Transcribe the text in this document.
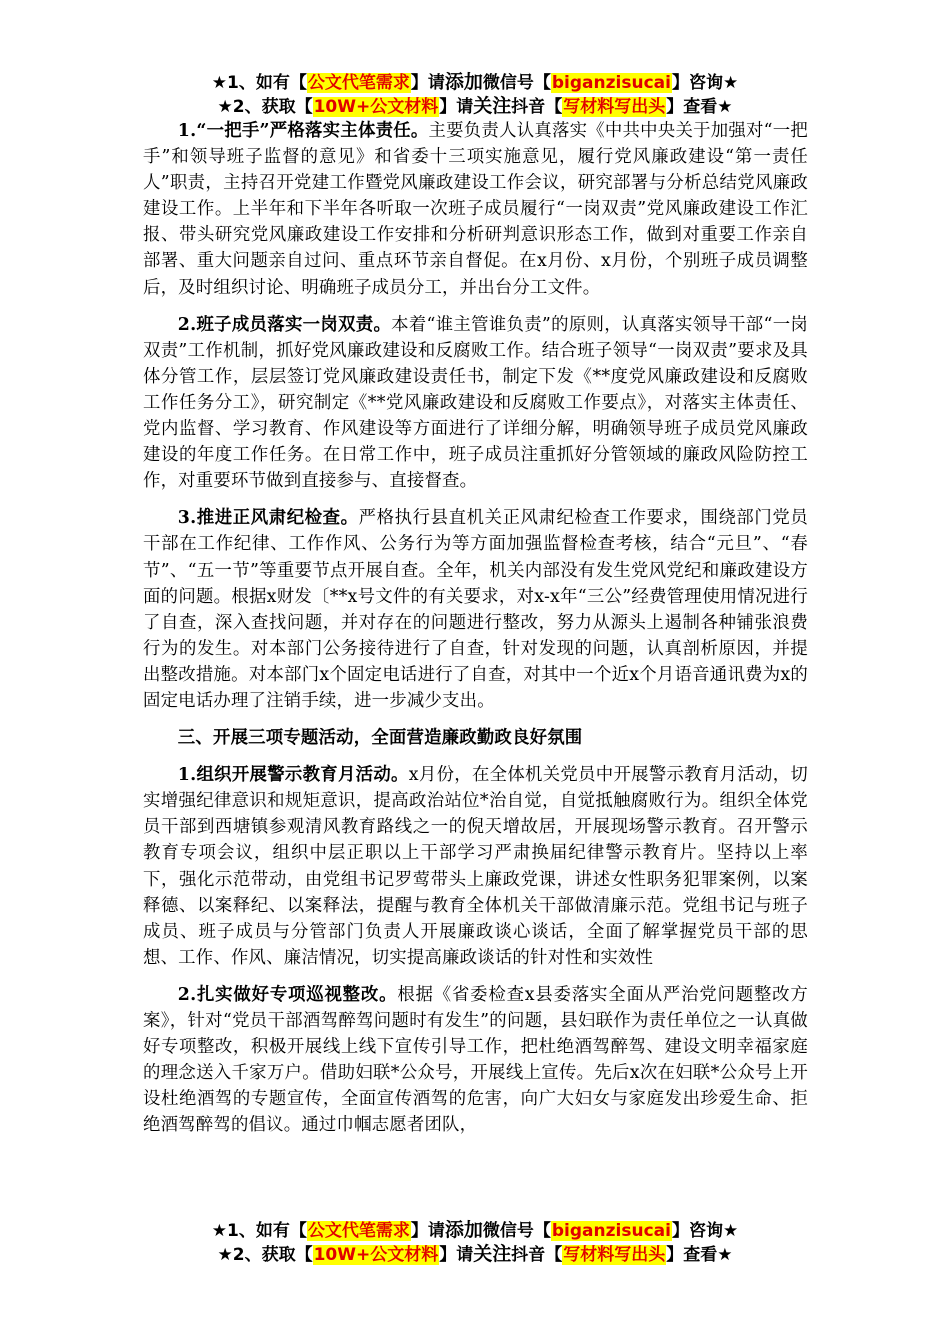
★1、如有【公文代笔需求】请添加微信号【biganzisucai】咨询★
★2、获取【10W+公文材料】请关注抖音【写材料写出头】查看★

1.“一把手”严格落实主体责任。主要负责人认真落实《中共中央关于加强对“一把手”和领导班子监督的意见》和省委十三项实施意见，履行党风廉政建设“第一责任人”职责，主持召开党建工作暨党风廉政建设工作会议，研究部署与分析总结党风廉政建设工作。上半年和下半年各听取一次班子成员履行“一岗双责”党风廉政建设工作汇报、带头研究党风廉政建设工作安排和分析研判意识形态工作，做到对重要工作亲自部署、重大问题亲自过问、重点环节亲自督促。在x月份、x月份，个别班子成员调整后，及时组织讨论、明确班子成员分工，并出台分工文件。

2.班子成员落实一岗双责。本着“谁主管谁负责”的原则，认真落实领导干部“一岗双责”工作机制，抓好党风廉政建设和反腐败工作。结合班子领导“一岗双责”要求及具体分管工作，层层签订党风廉政建设责任书，制定下发《**度党风廉政建设和反腐败工作任务分工》，研究制定《**党风廉政建设和反腐败工作要点》，对落实主体责任、党内监督、学习教育、作风建设等方面进行了详细分解，明确领导班子成员党风廉政建设的年度工作任务。在日常工作中，班子成员注重抓好分管领域的廉政风险防控工作，对重要环节做到直接参与、直接督查。

3.推进正风肃纪检查。严格执行县直机关正风肃纪检查工作要求，围绕部门党员干部在工作纪律、工作作风、公务行为等方面加强监督检查考核，结合“元旦”、“春节”、“五一节”等重要节点开展自查。全年，机关内部没有发生党风党纪和廉政建设方面的问题。根据x财发〔**x号文件的有关要求，对x-x年“三公”经费管理使用情况进行了自查，深入查找问题，并对存在的问题进行整改，努力从源头上遏制各种铺张浪费行为的发生。对本部门公务接待进行了自查，针对发现的问题，认真剖析原因，并提出整改措施。对本部门x个固定电话进行了自查，对其中一个近x个月语音通讯费为x的固定电话办理了注销手续，进一步减少支出。

三、开展三项专题活动，全面营造廉政勤政良好氛围

1.组织开展警示教育月活动。x月份，在全体机关党员中开展警示教育月活动，切实增强纪律意识和规矩意识，提高政治站位*治自觉，自觉抵触腐败行为。组织全体党员干部到西塘镇参观清风教育路线之一的倪天增故居，开展现场警示教育。召开警示教育专项会议，组织中层正职以上干部学习严肃换届纪律警示教育片。坚持以上率下，强化示范带动，由党组书记罗莺带头上廉政党课，讲述女性职务犯罪案例，以案释德、以案释纪、以案释法，提醒与教育全体机关干部做清廉示范。党组书记与班子成员、班子成员与分管部门负责人开展廉政谈心谈话，全面了解掌握党员干部的思想、工作、作风、廉洁情况，切实提高廉政谈话的针对性和实效性

2.扎实做好专项巡视整改。根据《省委检查x县委落实全面从严治党问题整改方案》，针对“党员干部酒驾醉驾问题时有发生”的问题，县妇联作为责任单位之一认真做好专项整改，积极开展线上线下宣传引导工作，把杜绝酒驾醉驾、建设文明幸福家庭的理念送入千家万户。借助妇联*公众号，开展线上宣传。先后x次在妇联*公众号上开设杜绝酒驾的专题宣传，全面宣传酒驾的危害，向广大妇女与家庭发出珍爱生命、拒绝酒驾醉驾的倡议。通过巾帼志愿者团队，

★1、如有【公文代笔需求】请添加微信号【biganzisucai】咨询★
★2、获取【10W+公文材料】请关注抖音【写材料写出头】查看★
